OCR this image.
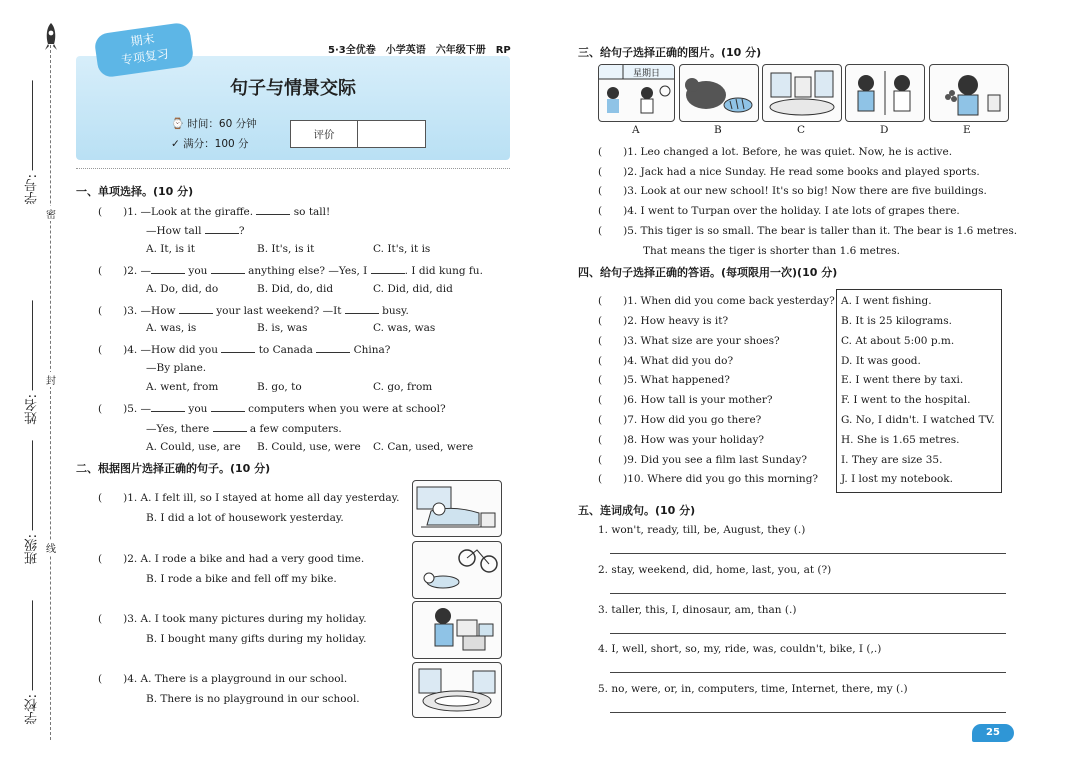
学号:
姓名:
班级:
学校:
密
封
线
句子与情景交际
⌚ 时间：60 分钟
✓ 满分：100 分
期末
专项复习	5·3全优卷　小学英语　六年级下册　RP
评价
一、单项选择。(10 分)
(　　)1. —Look at the giraffe.	so tall!
—How tall	?
A. It, is it	B. It's, is it	C. It's, it is
(　　)2. —	you	anything else? —Yes, I	. I did kung fu.
A. Do, did, do	B. Did, do, did	C. Did, did, did
(　　)3. —How	your last weekend? —It	busy.
A. was, is	B. is, was	C. was, was
(　　)4. —How did you	to Canada	China?
—By plane.
A. went, from	B. go, to	C. go, from
(　　)5. —	you	computers when you were at school?
—Yes, there	a few computers.
A. Could, use, are B. Could, use, were C. Can, used, were
二、根据图片选择正确的句子。(10 分)
(　　)1. A. I felt ill, so I stayed at home all day yesterday.
B. I did a lot of housework yesterday.
(　　)2. A. I rode a bike and had a very good time.
B. I rode a bike and fell off my bike.
(　　)3. A. I took many pictures during my holiday.
B. I bought many gifts during my holiday.
(　　)4. A. There is a playground in our school.
B. There is no playground in our school.
三、给句子选择正确的图片。(10 分)
星期日
A	B	C	D	E
(　　)1. Leo changed a lot. Before, he was quiet. Now, he is active.
(　　)2. Jack had a nice Sunday. He read some books and played sports.
(　　)3. Look at our new school! It's so big! Now there are five buildings.
(　　)4. I went to Turpan over the holiday. I ate lots of grapes there.
(　　)5. This tiger is so small. The bear is taller than it. The bear is 1.6 metres.
That means the tiger is shorter than 1.6 metres.
四、给句子选择正确的答语。(每项限用一次)(10 分)
(　　)1. When did you come back yesterday?
(　　)2. How heavy is it?
(　　)3. What size are your shoes?
(　　)4. What did you do?
(　　)5. What happened?
(　　)6. How tall is your mother?
(　　)7. How did you go there?
(　　)8. How was your holiday?
(　　)9. Did you see a film last Sunday?
(　　)10. Where did you go this morning?
A. I went fishing.
B. It is 25 kilograms.
C. At about 5:00 p.m.
D. It was good.
E. I went there by taxi.
F. I went to the hospital.
G. No, I didn't. I watched TV.
H. She is 1.65 metres.
I. They are size 35.
J. I lost my notebook.
五、连词成句。(10 分)
1. won't, ready, till, be, August, they (.)
2. stay, weekend, did, home, last, you, at (?)
3. taller, this, I, dinosaur, am, than (.)
4. I, well, short, so, my, ride, was, couldn't, bike, I (,.)
5. no, were, or, in, computers, time, Internet, there, my (.)
25
